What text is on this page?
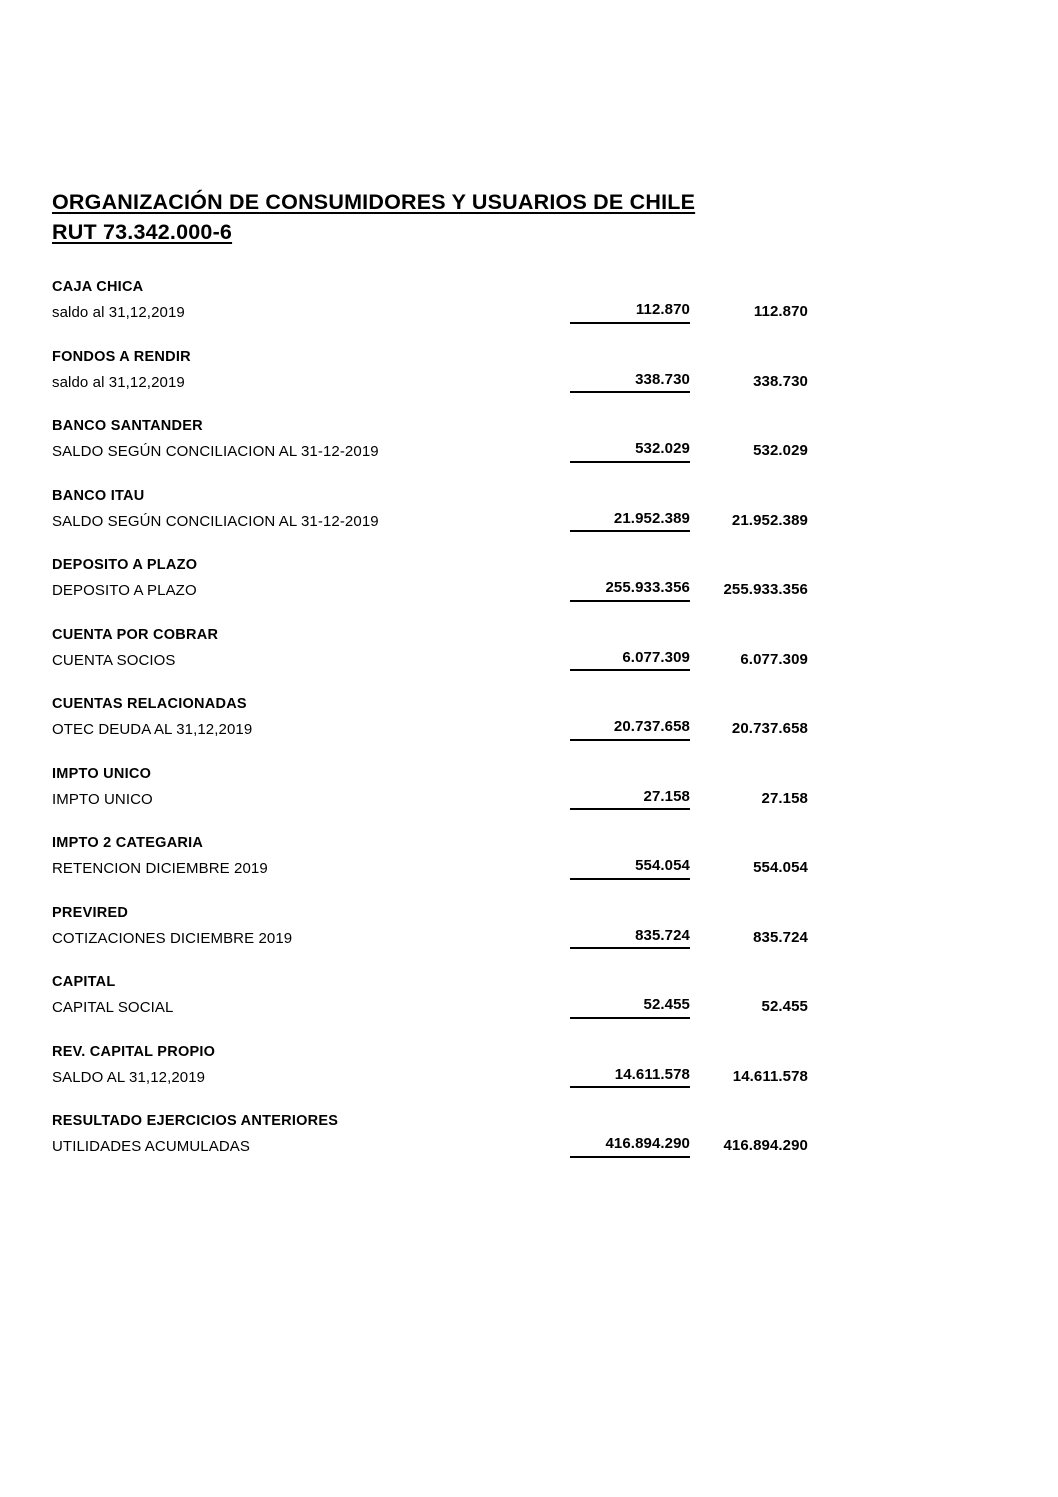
ORGANIZACIÓN DE CONSUMIDORES Y USUARIOS DE CHILE
RUT 73.342.000-6
CAJA CHICA
saldo al 31,12,2019	112.870	112.870
FONDOS A RENDIR
saldo al 31,12,2019	338.730	338.730
BANCO SANTANDER
SALDO SEGÚN CONCILIACION AL 31-12-2019	532.029	532.029
BANCO ITAU
SALDO SEGÚN CONCILIACION AL 31-12-2019	21.952.389	21.952.389
DEPOSITO A PLAZO
DEPOSITO A PLAZO	255.933.356	255.933.356
CUENTA POR COBRAR
CUENTA SOCIOS	6.077.309	6.077.309
CUENTAS RELACIONADAS
OTEC DEUDA AL 31,12,2019	20.737.658	20.737.658
IMPTO UNICO
IMPTO UNICO	27.158	27.158
IMPTO 2 CATEGARIA
RETENCION DICIEMBRE 2019	554.054	554.054
PREVIRED
COTIZACIONES DICIEMBRE 2019	835.724	835.724
CAPITAL
CAPITAL SOCIAL	52.455	52.455
REV. CAPITAL PROPIO
SALDO AL 31,12,2019	14.611.578	14.611.578
RESULTADO EJERCICIOS ANTERIORES
UTILIDADES ACUMULADAS	416.894.290	416.894.290
